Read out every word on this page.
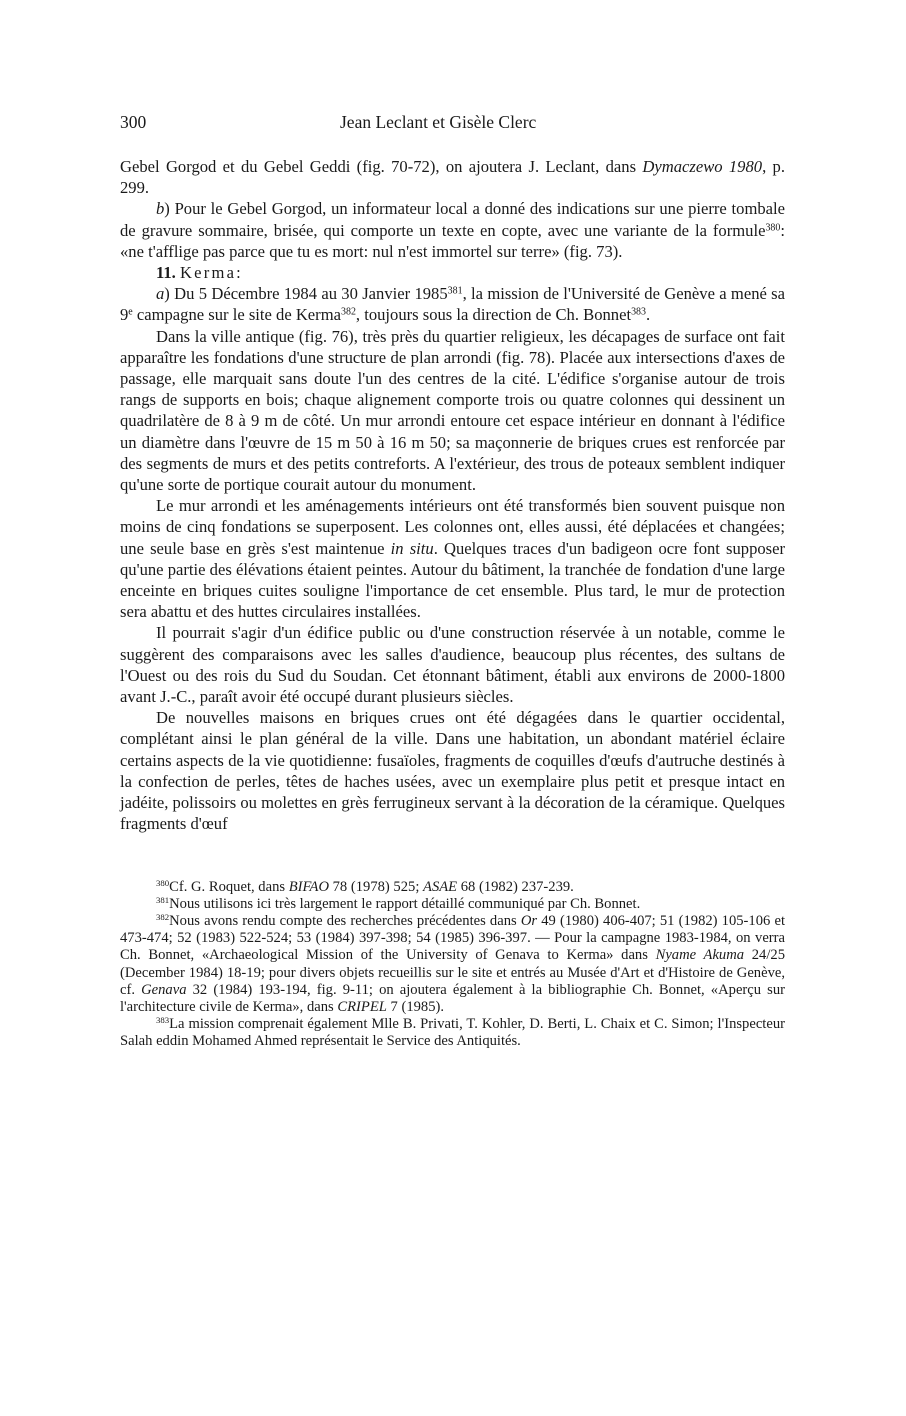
300	Jean Leclant et Gisèle Clerc

Gebel Gorgod et du Gebel Geddi (fig. 70-72), on ajoutera J. Leclant, dans Dymaczewo 1980, p. 299.

b) Pour le Gebel Gorgod, un informateur local a donné des indications sur une pierre tombale de gravure sommaire, brisée, qui comporte un texte en copte, avec une variante de la formule$^{380}$: «ne t'afflige pas parce que tu es mort: nul n'est immortel sur terre» (fig. 73).

11. Kerma:

a) Du 5 Décembre 1984 au 30 Janvier 1985$^{381}$, la mission de l'Université de Genève a mené sa 9e campagne sur le site de Kerma$^{382}$, toujours sous la direction de Ch. Bonnet$^{383}$.

Dans la ville antique (fig. 76), très près du quartier religieux, les décapages de surface ont fait apparaître les fondations d'une structure de plan arrondi (fig. 78). Placée aux intersections d'axes de passage, elle marquait sans doute l'un des centres de la cité. L'édifice s'organise autour de trois rangs de supports en bois; chaque alignement comporte trois ou quatre colonnes qui dessinent un quadrilatère de 8 à 9 m de côté. Un mur arrondi entoure cet espace intérieur en donnant à l'édifice un diamètre dans l'œuvre de 15 m 50 à 16 m 50; sa maçonnerie de briques crues est renforcée par des segments de murs et des petits contreforts. A l'extérieur, des trous de poteaux semblent indiquer qu'une sorte de portique courait autour du monument.

Le mur arrondi et les aménagements intérieurs ont été transformés bien souvent puisque non moins de cinq fondations se superposent. Les colonnes ont, elles aussi, été déplacées et changées; une seule base en grès s'est maintenue in situ. Quelques traces d'un badigeon ocre font supposer qu'une partie des élévations étaient peintes. Autour du bâtiment, la tranchée de fondation d'une large enceinte en briques cuites souligne l'importance de cet ensemble. Plus tard, le mur de protection sera abattu et des huttes circulaires installées.

Il pourrait s'agir d'un édifice public ou d'une construction réservée à un notable, comme le suggèrent des comparaisons avec les salles d'audience, beaucoup plus récentes, des sultans de l'Ouest ou des rois du Sud du Soudan. Cet étonnant bâtiment, établi aux environs de 2000-1800 avant J.-C., paraît avoir été occupé durant plusieurs siècles.

De nouvelles maisons en briques crues ont été dégagées dans le quartier occidental, complétant ainsi le plan général de la ville. Dans une habitation, un abondant matériel éclaire certains aspects de la vie quotidienne: fusaïoles, fragments de coquilles d'œufs d'autruche destinés à la confection de perles, têtes de haches usées, avec un exemplaire plus petit et presque intact en jadéite, polissoirs ou molettes en grès ferrugineux servant à la décoration de la céramique. Quelques fragments d'œuf

$^{380}$Cf. G. Roquet, dans BIFAO 78 (1978) 525; ASAE 68 (1982) 237-239.

$^{381}$Nous utilisons ici très largement le rapport détaillé communiqué par Ch. Bonnet.

$^{382}$Nous avons rendu compte des recherches précédentes dans Or 49 (1980) 406-407; 51 (1982) 105-106 et 473-474; 52 (1983) 522-524; 53 (1984) 397-398; 54 (1985) 396-397. — Pour la campagne 1983-1984, on verra Ch. Bonnet, «Archaeological Mission of the University of Genava to Kerma» dans Nyame Akuma 24/25 (December 1984) 18-19; pour divers objets recueillis sur le site et entrés au Musée d'Art et d'Histoire de Genève, cf. Genava 32 (1984) 193-194, fig. 9-11; on ajoutera également à la bibliographie Ch. Bonnet, «Aperçu sur l'architecture civile de Kerma», dans CRIPEL 7 (1985).

$^{383}$La mission comprenait également Mlle B. Privati, T. Kohler, D. Berti, L. Chaix et C. Simon; l'Inspecteur Salah eddin Mohamed Ahmed représentait le Service des Antiquités.
